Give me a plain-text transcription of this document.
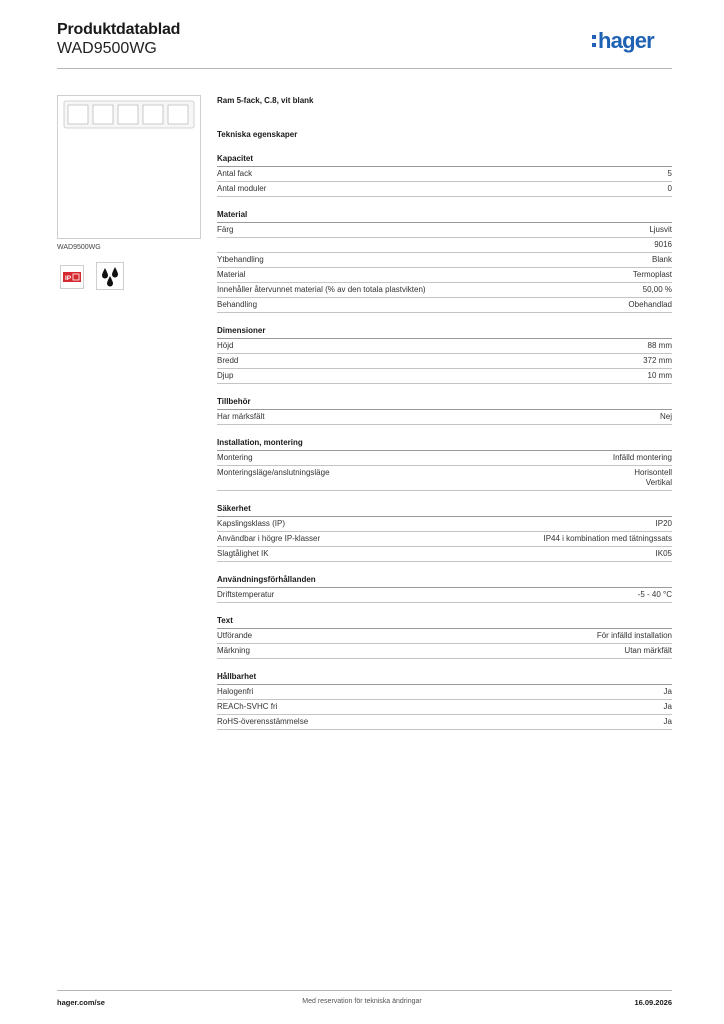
Produktdatablad
WAD9500WG	hager
WAD9500WG
IP
Ram 5-fack, C.8, vit blank
Tekniska egenskaper
Kapacitet
Antal fack	5
Antal moduler	0
Material
Färg	Ljusvit
9016
Ytbehandling	Blank
Material	Termoplast
Innehåller återvunnet material (% av den totala plastvikten)	50,00 %
Behandling	Obehandlad
Dimensioner
Höjd	88 mm
Bredd	372 mm
Djup	10 mm
Tillbehör
Har märksfält	Nej
Installation, montering
Montering	Infälld montering
Monteringsläge/anslutningsläge	Horisontell
Vertikal
Säkerhet
Kapslingsklass (IP)	IP20
Användbar i högre IP-klasser	IP44 i kombination med tätningssats
Slagtålighet IK	IK05
Användningsförhållanden
Driftstemperatur	-5 - 40 °C
Text
Utförande	För infälld installation
Märkning	Utan märkfält
Hållbarhet
Halogenfri	Ja
REACh-SVHC fri	Ja
RoHS-överensstämmelse	Ja
hager.com/se	Med reservation för tekniska ändringar	16.09.2026
